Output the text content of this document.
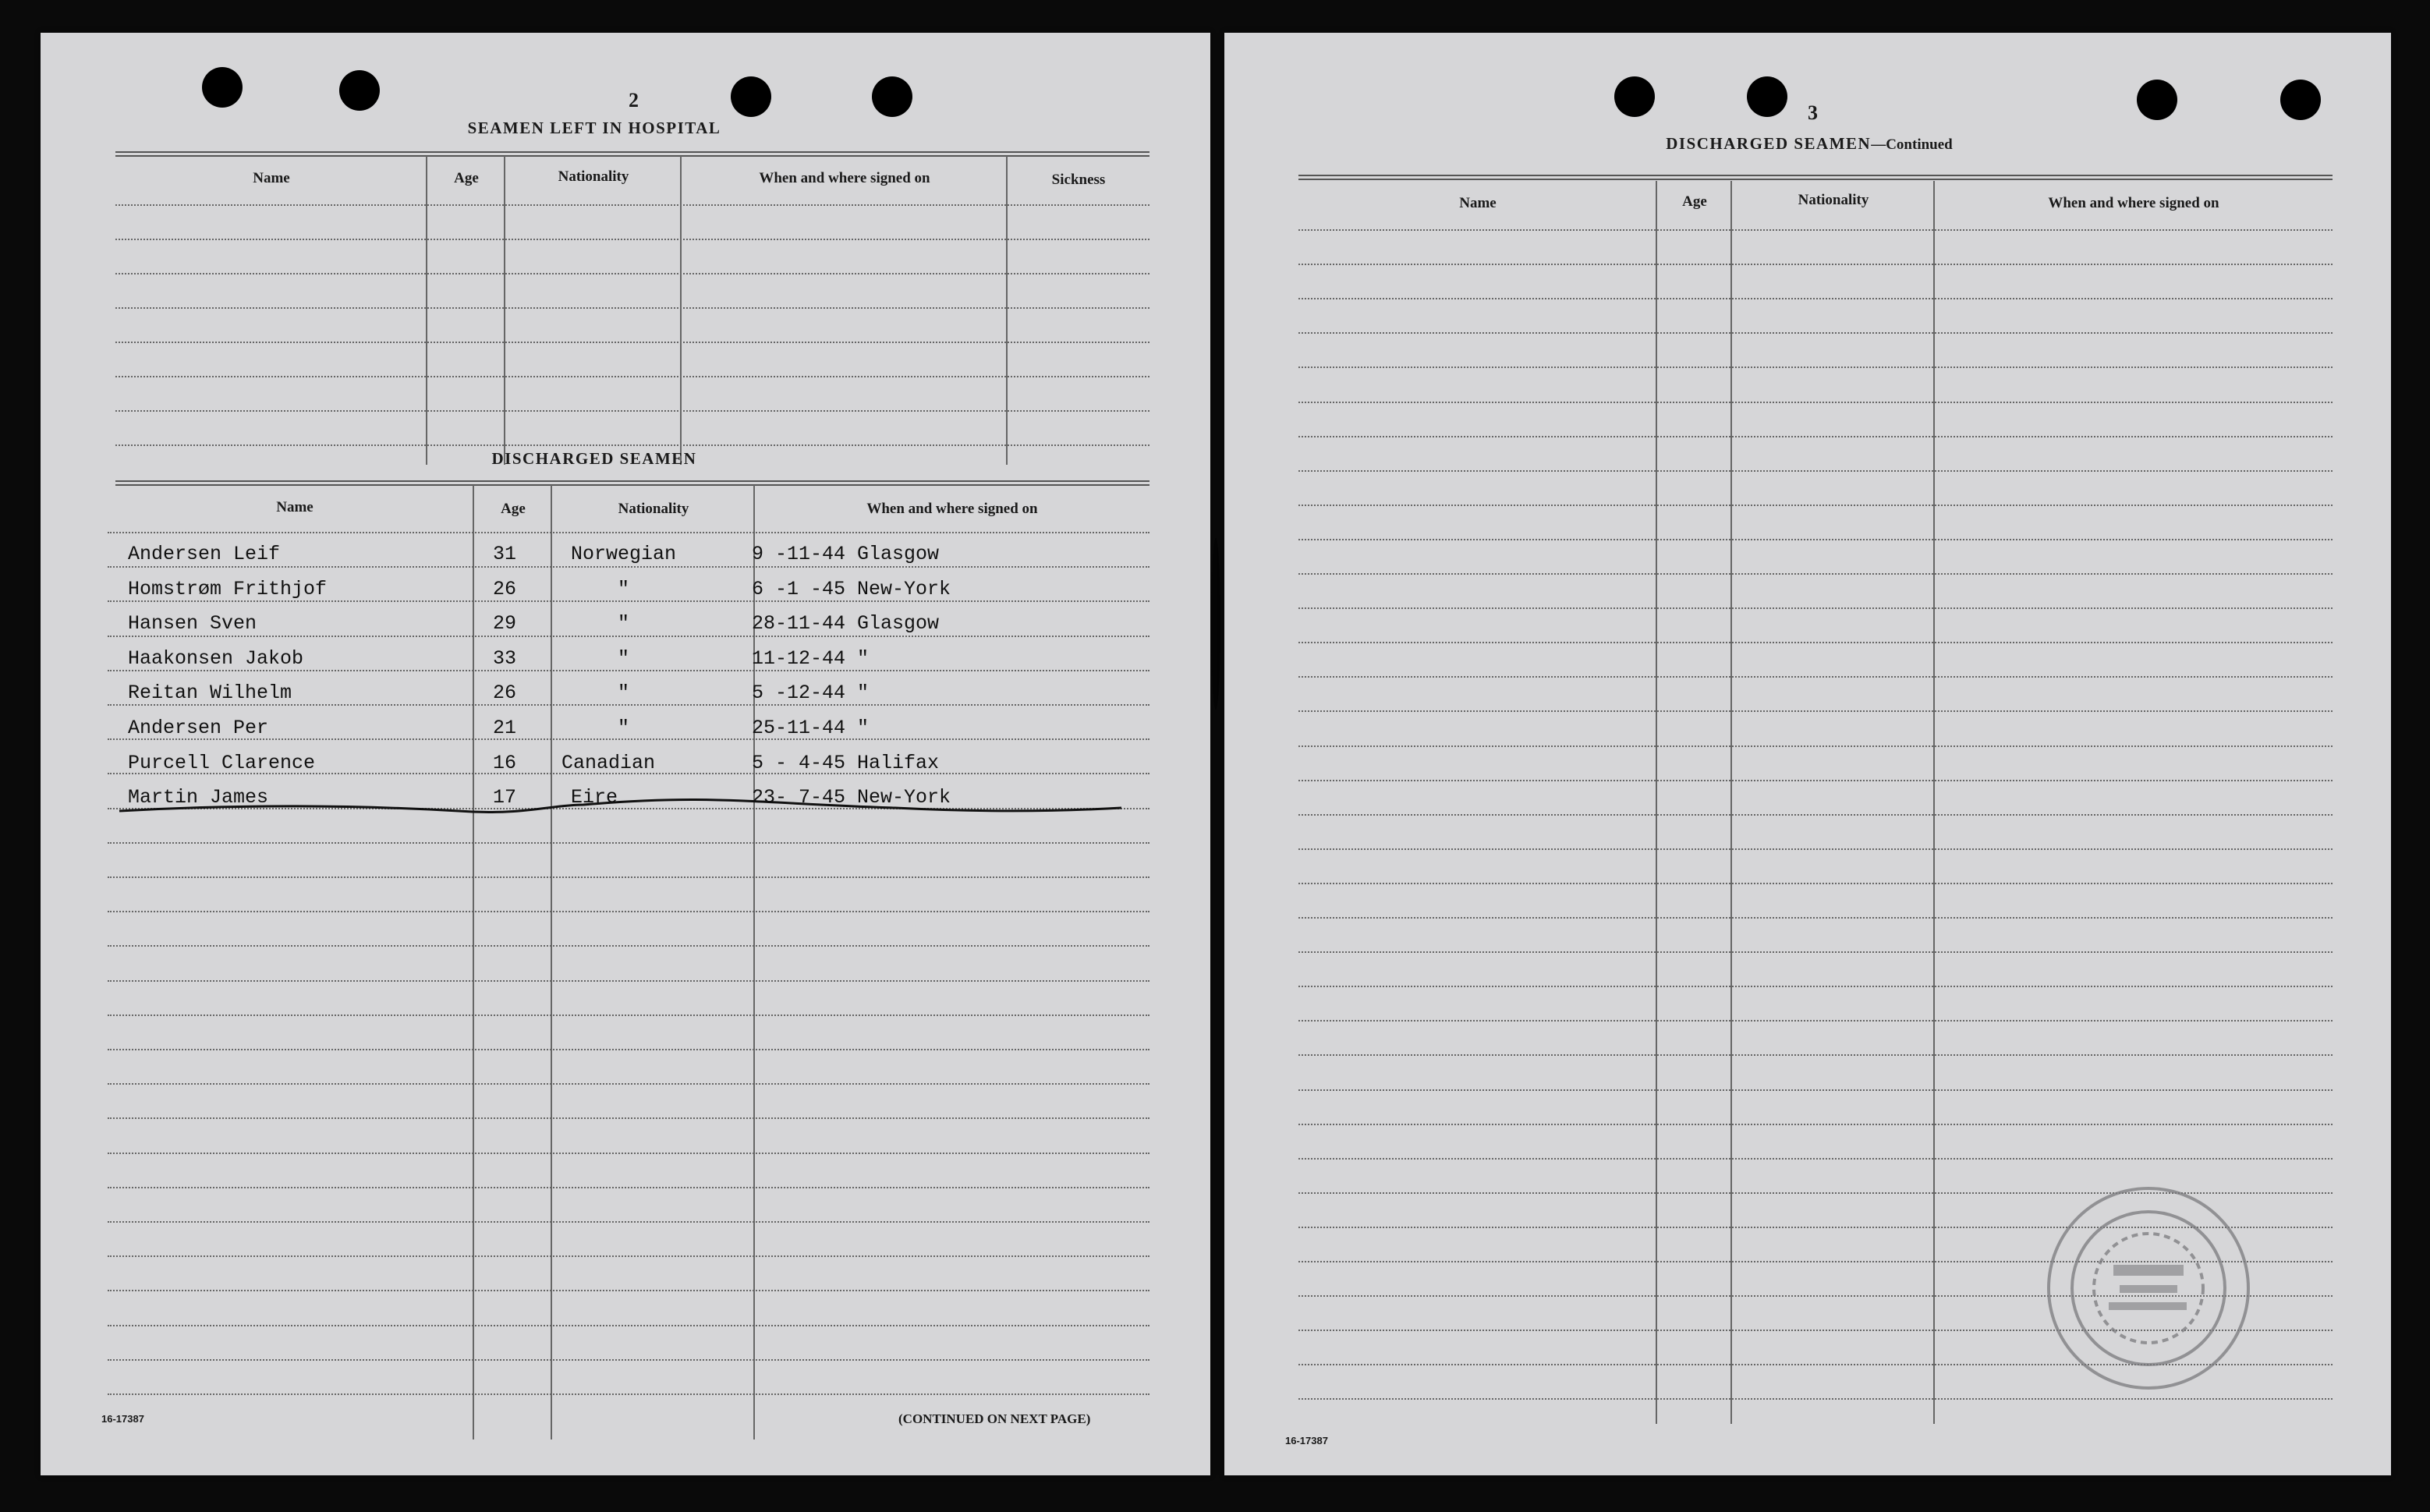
2
SEAMEN LEFT IN HOSPITAL
Name	Age	Nationality	When and where signed on	Sickness
DISCHARGED SEAMEN
Name	Age	Nationality	When and where signed on
Andersen Leif	31	Norwegian	9 -11-44 Glasgow
Homstrøm Frithjof	26	"	6 -1 -45 New-York
Hansen Sven	29	"	28-11-44 Glasgow
Haakonsen Jakob	33	"	11-12-44 "
Reitan Wilhelm	26	"	5 -12-44 "
Andersen Per	21	"	25-11-44 "
Purcell Clarence	16 Canadian	5 - 4-45 Halifax
Martin James	17	Eire	23- 7-45 New-York
16-17387	(CONTINUED ON NEXT PAGE)
3
DISCHARGED SEAMEN—Continued
Name	Age	Nationality	When and where signed on
16-17387
